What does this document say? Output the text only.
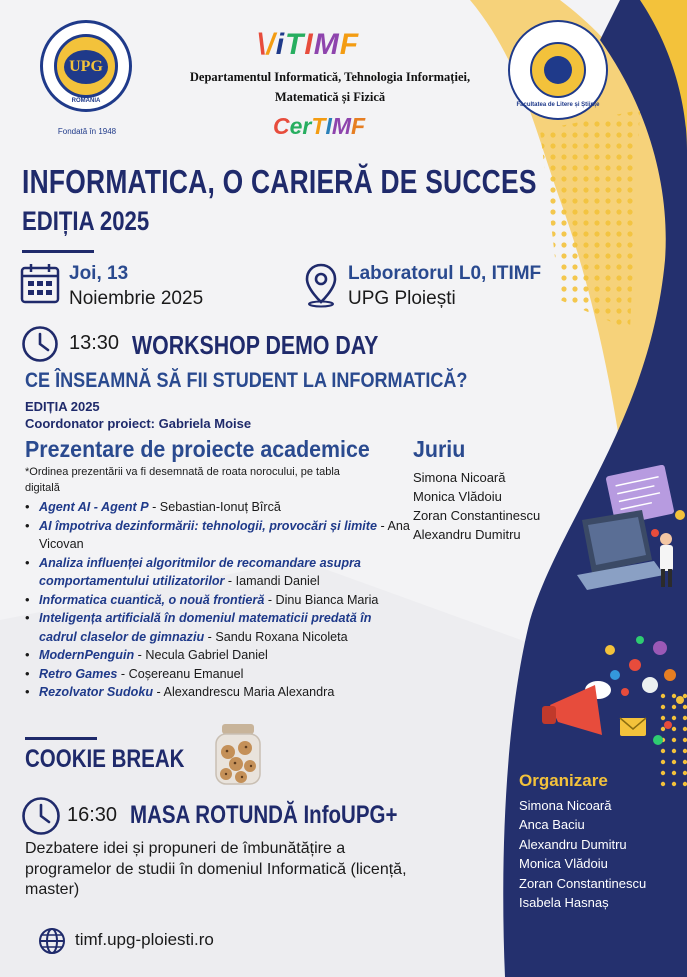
UPG
ROMÂNIA
Fondată în 1948
\/iTIMF
Departamentul Informatică, Tehnologia Informației, Matematică și Fizică
CerTIMF
Facultatea de Litere și Științe
INFORMATICA, O CARIERĂ DE SUCCES
EDIȚIA 2025
Joi, 13
Noiembrie 2025
Laboratorul L0, ITIMF
UPG Ploiești
13:30 WORKSHOP DEMO DAY
CE ÎNSEAMNĂ SĂ FII STUDENT LA INFORMATICĂ?
EDIȚIA 2025
Coordonator proiect: Gabriela Moise
Prezentare de proiecte academice
*Ordinea prezentării va fi desemnată de roata norocului, pe tabla digitală
• Agent AI - Agent P - Sebastian-Ionuț Bîrcă
• AI împotriva dezinformării: tehnologii, provocări și limite - Ana Vicovan
• Analiza influenței algoritmilor de recomandare asupra comportamentului utilizatorilor - Iamandi Daniel
• Informatica cuantică, o nouă frontieră - Dinu Bianca Maria
• Inteligența artificială în domeniul matematicii predată în cadrul claselor de gimnaziu - Sandu Roxana Nicoleta
• ModernPenguin - Necula Gabriel Daniel
• Retro Games - Coșereanu Emanuel
• Rezolvator Sudoku - Alexandrescu Maria Alexandra
Juriu
Simona Nicoară
Monica Vlădoiu
Zoran Constantinescu
Alexandru Dumitru
COOKIE BREAK
16:30 MASA ROTUNDĂ InfoUPG+
Dezbatere idei și propuneri de îmbunătățire a programelor de studii în domeniul Informatică (licență, master)
timf.upg-ploiesti.ro
Organizare
Simona Nicoară
Anca Baciu
Alexandru Dumitru
Monica Vlădoiu
Zoran Constantinescu
Isabela Hasnaș
